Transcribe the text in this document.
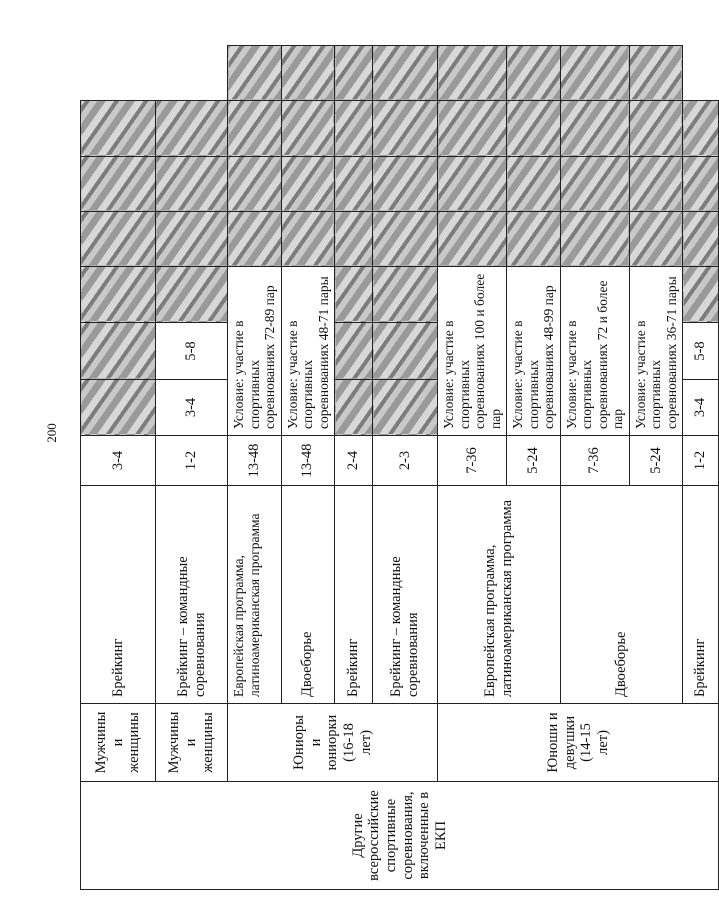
200
Другие всероссийские спортивные соревнования, включенные в ЕКП	Мужчины и женщины	Брейкинг	3-4							
	Мужчины и женщины	Брейкинг – командные соревнования	1-2	3-4	5-8					
	Юниоры и юниорки (16-18 лет)	Европейская программа, латиноамериканская программа	13-48	Условие: участие в спортивных соревнованиях 72-89 пар						
		Двоеборье	13-48	Условие: участие в спортивных соревнованиях 48-71 пары						
		Брейкинг	2-4							
		Брейкинг – командные соревнования	2-3							
	Юноши и девушки (14-15 лет)	Европейская программа, латиноамериканская программа	7-36	Условие: участие в спортивных соревнованиях 100 и более пар						
			5-24	Условие: участие в спортивных соревнованиях 48-99 пар						
		Двоеборье	7-36	Условие: участие в спортивных соревнованиях 72 и более пар						
			5-24	Условие: участие в спортивных соревнованиях 36-71 пары						
		Брейкинг	1-2	3-4	5-8					
